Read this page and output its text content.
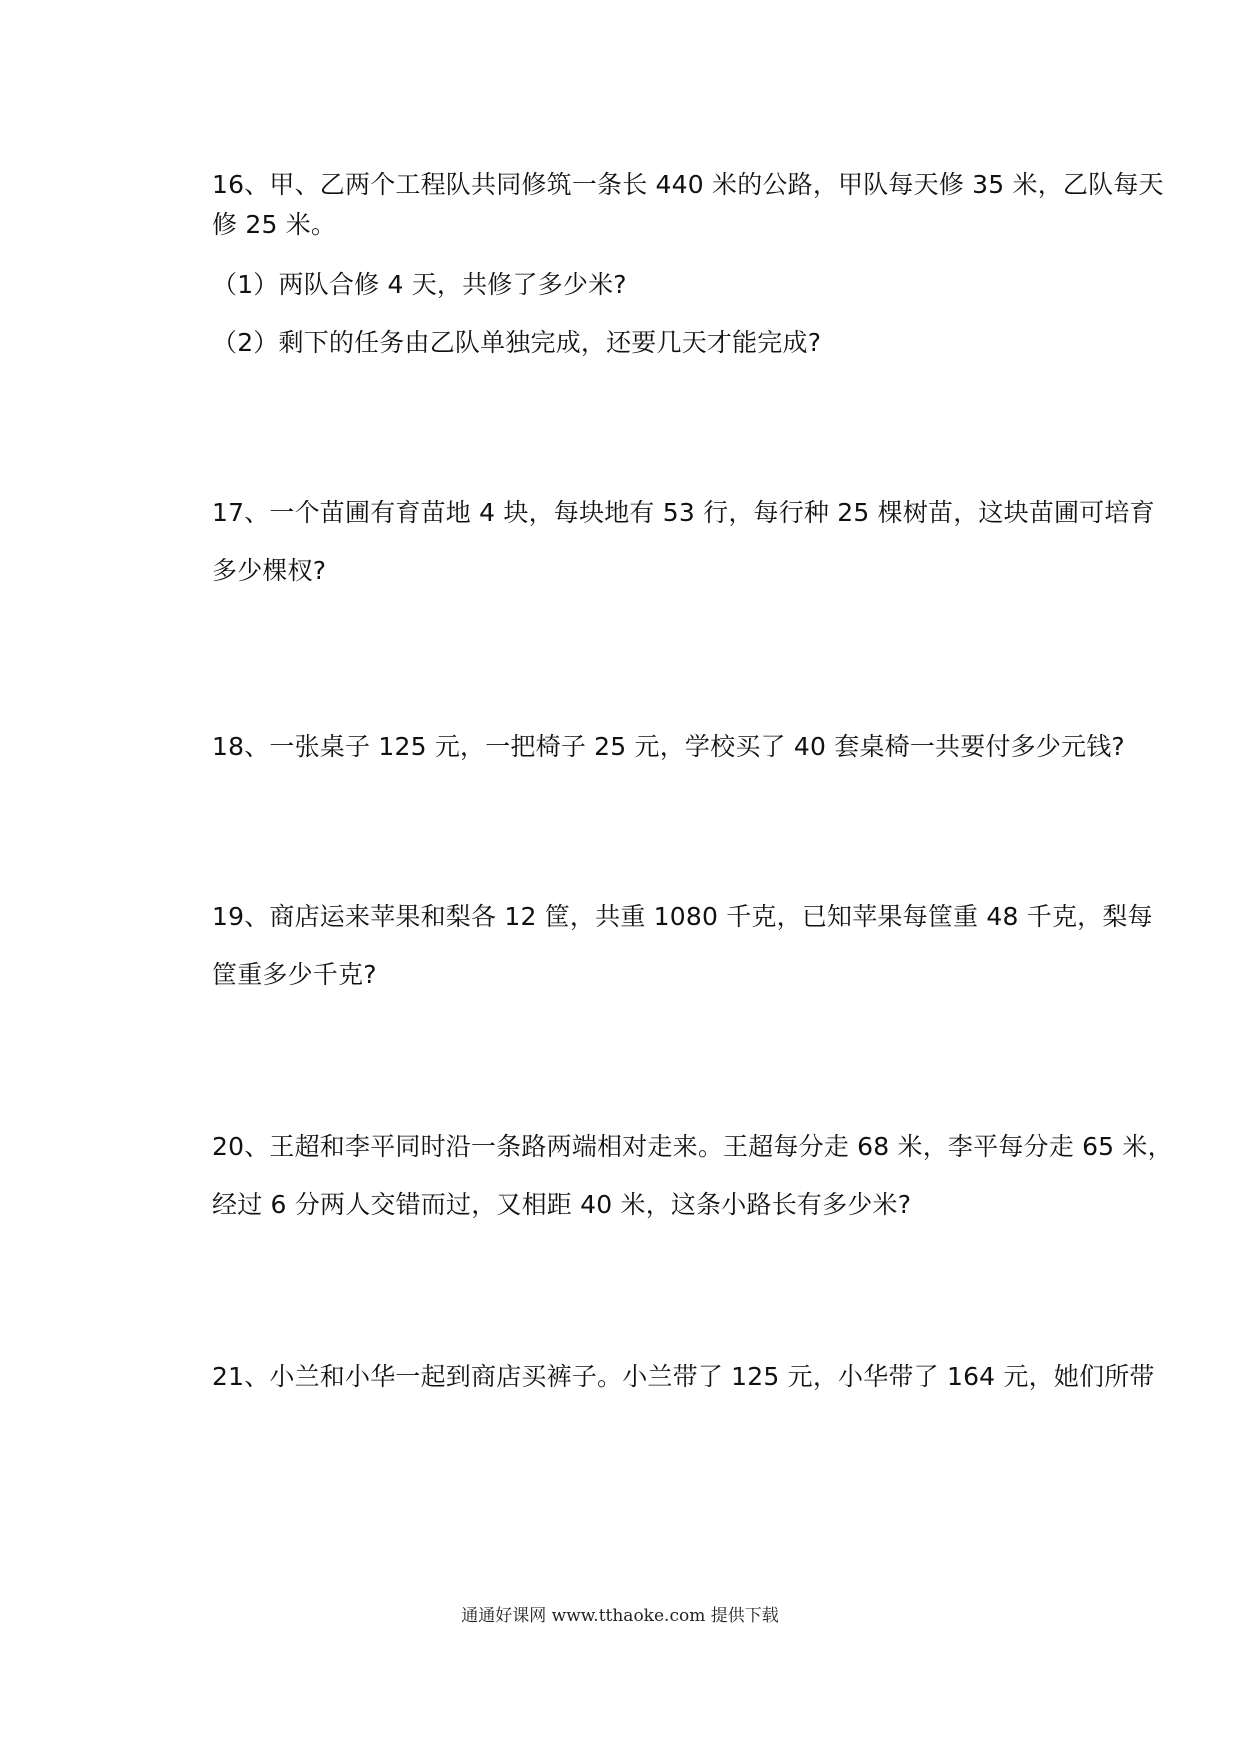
16、甲、乙两个工程队共同修筑一条长 440 米的公路，甲队每天修 35 米，乙队每天
修 25 米。
（1）两队合修 4 天，共修了多少米?
（2）剩下的任务由乙队单独完成，还要几天才能完成?
17、一个苗圃有育苗地 4 块，每块地有 53 行，每行种 25 棵树苗，这块苗圃可培育
多少棵杈?
18、一张桌子 125 元，一把椅子 25 元，学校买了 40 套桌椅一共要付多少元钱?
19、商店运来苹果和梨各 12 筐，共重 1080 千克，已知苹果每筐重 48 千克，梨每
筐重多少千克?
20、王超和李平同时沿一条路两端相对走来。王超每分走 68 米，李平每分走 65 米，
经过 6 分两人交错而过，又相距 40 米，这条小路长有多少米?
21、小兰和小华一起到商店买裤子。小兰带了 125 元，小华带了 164 元，她们所带
通通好课网 www.tthaoke.com 提供下载
